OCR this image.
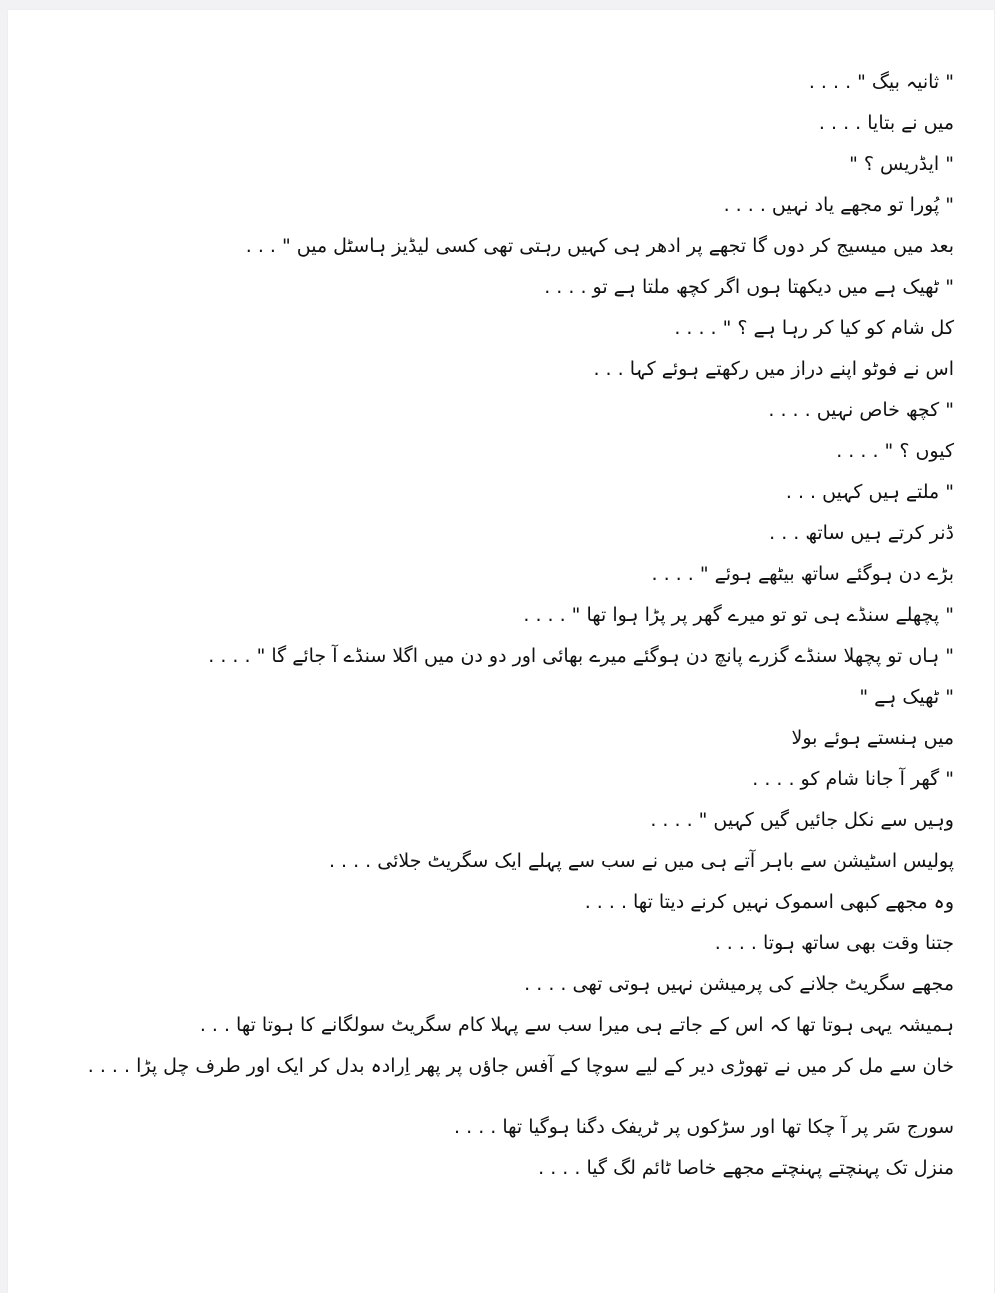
" ثانیہ بیگ " . . . .
میں نے بتایا . . . .
" ایڈریس ؟ "
" پُورا تو مجھے یاد نہیں . . . .
بعد میں میسیج کر دوں گا تجھے پر ادھر ہی کہیں رہتی تھی کسی لیڈیز ہاسٹل میں " . . .
" ٹھیک ہے میں دیکھتا ہوں اگر کچھ ملتا ہے تو . . . .
کل شام کو کیا کر رہا ہے ؟ " . . . .
اس نے فوٹو اپنے دراز میں رکھتے ہوئے کہا . . .
" کچھ خاص نہیں . . . .
کیوں ؟ " . . . .
" ملتے ہیں کہیں . . .
ڈنر کرتے ہیں ساتھ . . .
بڑے دن ہوگئے ساتھ بیٹھے ہوئے " . . . .
" پچھلے سنڈے ہی تو تو میرے گھر پر پڑا ہوا تھا " . . . .
" ہاں تو پچھلا سنڈے گزرے پانچ دن ہوگئے میرے بھائی اور دو دن میں اگلا سنڈے آ جائے گا " . . . .
" ٹھیک ہے "
میں ہنستے ہوئے بولا
" گھر آ جانا شام کو . . . .
وہیں سے نکل جائیں گیں کہیں " . . . .
پولیس اسٹیشن سے باہر آتے ہی میں نے سب سے پہلے ایک سگریٹ جلائی . . . .
وہ مجھے کبھی اسموک نہیں کرنے دیتا تھا . . . .
جتنا وقت بھی ساتھ ہوتا . . . .
مجھے سگریٹ جلانے کی پرمیشن نہیں ہوتی تھی . . . .
ہمیشہ یہی ہوتا تھا کہ اس کے جاتے ہی میرا سب سے پہلا کام سگریٹ سولگانے کا ہوتا تھا . . .
خان سے مل کر میں نے تھوڑی دیر کے لیے سوچا کے آفس جاؤں پر پھر اِرادہ بدل کر ایک اور طرف چل پڑا . . . .
سورج سَر پر آ چکا تھا اور سڑکوں پر ٹریفک دگنا ہوگیا تھا . . . .
منزل تک پہنچتے پہنچتے مجھے خاصا ٹائم لگ گیا . . . .
